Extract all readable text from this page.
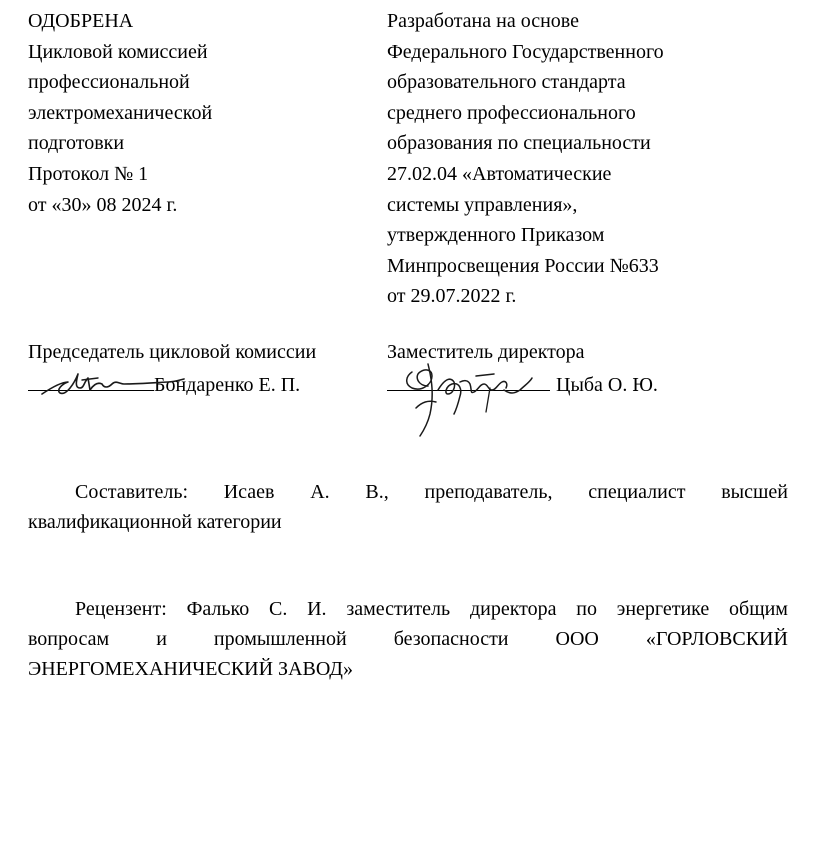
ОДОБРЕНА
Цикловой комиссией
профессиональной
электромеханической
подготовки
Протокол № 1
от «30» 08 2024 г.
Разработана на основе
Федерального Государственного
образовательного стандарта
среднего профессионального
образования по специальности
27.02.04 «Автоматические
системы управления»,
утвержденного Приказом
Минпросвещения России №633
от 29.07.2022 г.
Председатель цикловой комиссии	Заместитель директора
Бондаренко Е. П.	Цыба О. Ю.
Составитель: Исаев А. В., преподаватель, специалист высшей
квалификационной категории
Рецензент: Фалько С. И. заместитель директора по энергетике общим
вопросам и промышленной безопасности ООО «ГОРЛОВСКИЙ
ЭНЕРГОМЕХАНИЧЕСКИЙ ЗАВОД»
